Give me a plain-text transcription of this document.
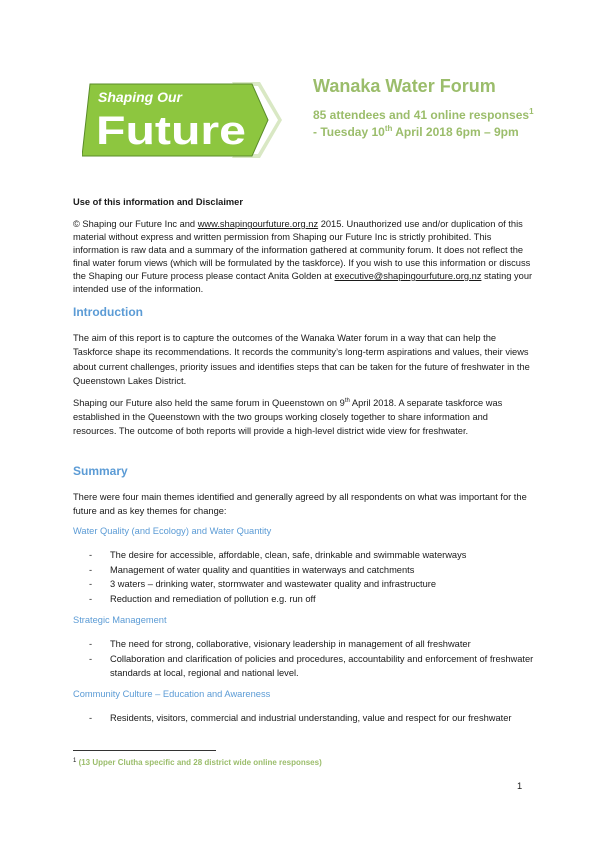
Shaping Our
Future
Wanaka Water Forum
85 attendees and 41 online responses$^1$
- Tuesday 10th April 2018 6pm – 9pm
Use of this information and Disclaimer
© Shaping our Future Inc and www.shapingourfuture.org.nz 2015. Unauthorized use and/or duplication of this material without express and written permission from Shaping our Future Inc is strictly prohibited. This information is raw data and a summary of the information gathered at community forum. It does not reflect the final water forum views (which will be formulated by the taskforce). If you wish to use this information or discuss the Shaping our Future process please contact Anita Golden at executive@shapingourfuture.org.nz stating your intended use of the information.
Introduction
The aim of this report is to capture the outcomes of the Wanaka Water forum in a way that can help the Taskforce shape its recommendations. It records the community’s long-term aspirations and values, their views about current challenges, priority issues and identifies steps that can be taken for the future of freshwater in the Queenstown Lakes District.
Shaping our Future also held the same forum in Queenstown on 9th April 2018. A separate taskforce was established in the Queenstown with the two groups working closely together to share information and resources. The outcome of both reports will provide a high-level district wide view for freshwater.
Summary
There were four main themes identified and generally agreed by all respondents on what was important for the future and as key themes for change:
Water Quality (and Ecology) and Water Quantity
- The desire for accessible, affordable, clean, safe, drinkable and swimmable waterways
- Management of water quality and quantities in waterways and catchments
- 3 waters – drinking water, stormwater and wastewater quality and infrastructure
- Reduction and remediation of pollution e.g. run off
Strategic Management
- The need for strong, collaborative, visionary leadership in management of all freshwater
- Collaboration and clarification of policies and procedures, accountability and enforcement of freshwater standards at local, regional and national level.
Community Culture – Education and Awareness
- Residents, visitors, commercial and industrial understanding, value and respect for our freshwater
$^1$ (13 Upper Clutha specific and 28 district wide online responses)
1
